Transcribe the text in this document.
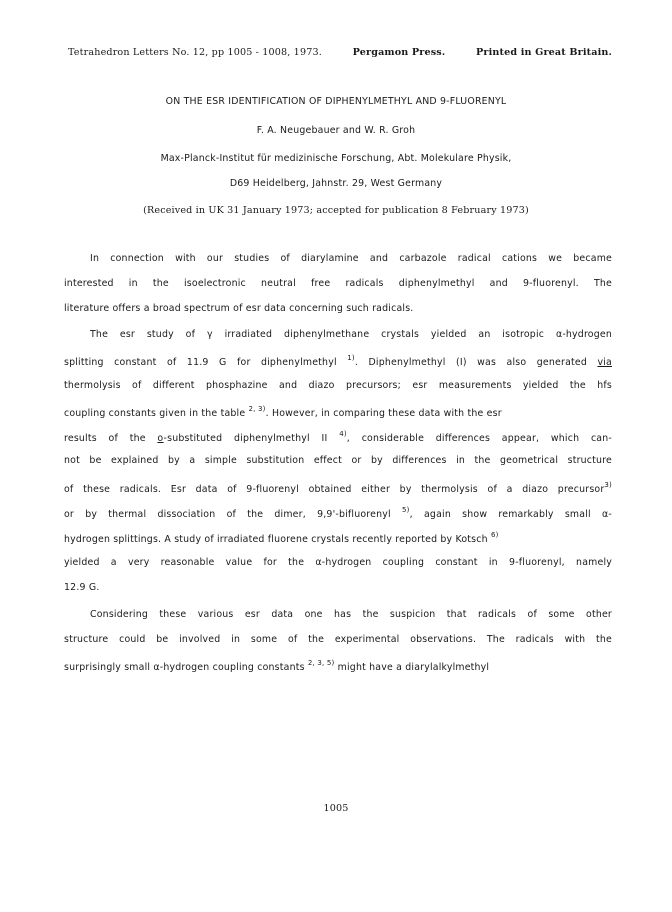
Tetrahedron Letters No. 12, pp 1005 - 1008, 1973.	Pergamon Press.	Printed in Great Britain.
ON THE ESR IDENTIFICATION OF DIPHENYLMETHYL AND 9-FLUORENYL
F. A. Neugebauer and W. R. Groh
Max-Planck-Institut für medizinische Forschung, Abt. Molekulare Physik,
D69 Heidelberg, Jahnstr. 29, West Germany
(Received in UK 31 January 1973; accepted for publication 8 February 1973)
In connection with our studies of diarylamine and carbazole radical cations we became
interested in the isoelectronic neutral free radicals diphenylmethyl and 9-fluorenyl. The
literature offers a broad spectrum of esr data concerning such radicals.
The esr study of γ irradiated diphenylmethane crystals yielded an isotropic α-hydrogen
splitting constant of 11.9 G for diphenylmethyl $^{1)}$. Diphenylmethyl (I) was also generated via
thermolysis of different phosphazine and diazo precursors; esr measurements yielded the hfs
coupling constants given in the table $^{2, 3)}$. However, in comparing these data with the esr
results of the o-substituted diphenylmethyl II $^{4)}$, considerable differences appear, which can-
not be explained by a simple substitution effect or by differences in the geometrical structure
of these radicals. Esr data of 9-fluorenyl obtained either by thermolysis of a diazo precursor$^{3)}$
or by thermal dissociation of the dimer, 9,9'-bifluorenyl $^{5)}$, again show remarkably small α-
hydrogen splittings. A study of irradiated fluorene crystals recently reported by Kotsch $^{6)}$
yielded a very reasonable value for the α-hydrogen coupling constant in 9-fluorenyl, namely
12.9 G.
Considering these various esr data one has the suspicion that radicals of some other
structure could be involved in some of the experimental observations. The radicals with the
surprisingly small α-hydrogen coupling constants $^{2, 3, 5)}$ might have a diarylalkylmethyl
1005
